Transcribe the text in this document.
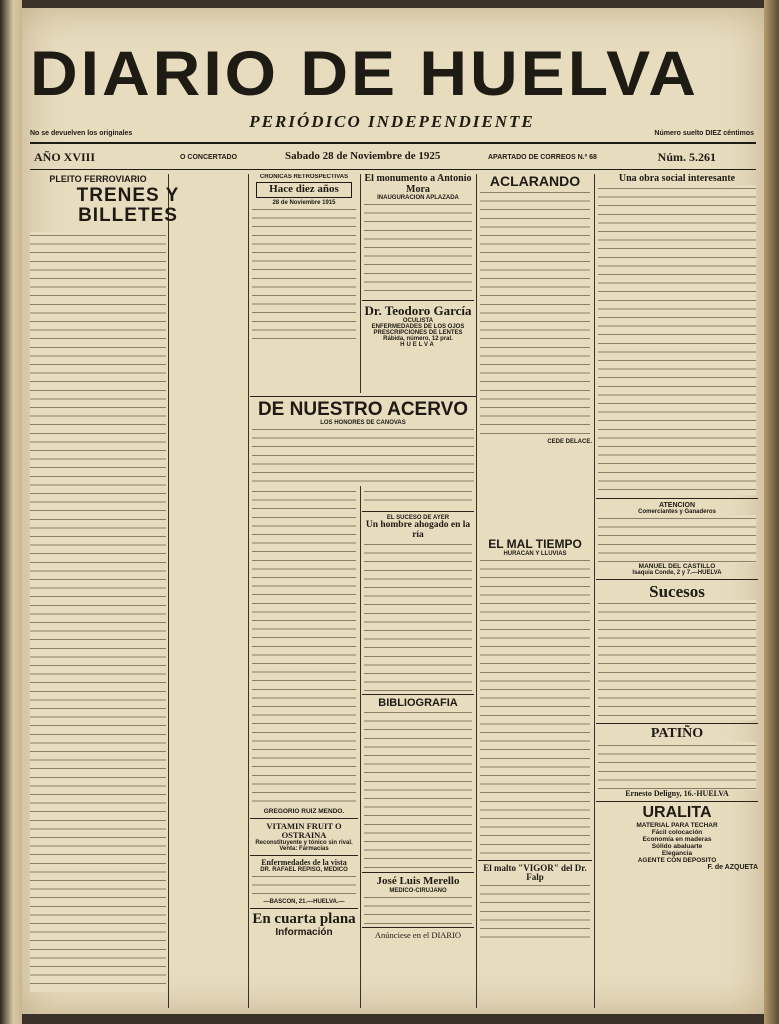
DIARIO DE HUELVA
No se devuelven los originales
PERIÓDICO INDEPENDIENTE
Número suelto DIEZ céntimos
AÑO XVIII	O CONCERTADO	Sabado 28 de Noviembre de 1925	APARTADO DE CORREOS N.º 68	Núm. 5.261
PLEITO FERROVIARIO
TRENES Y BILLETES
CRONICAS RETROSPECTIVAS
Hace diez años
28 de Noviembre 1915
El monumento a Antonio Mora
INAUGURACION APLAZADA
Dr. Teodoro García
OCULISTA
ENFERMEDADES DE LOS OJOS
PRESCRIPCIONES DE LENTES
Rábida, número, 12 pral.
HUELVA
ACLARANDO
CEDE DELACE.
Una obra social interesante
ATENCION
Comerciantes y Ganaderos
MANUEL DEL CASTILLO
Isaquia Conde, 2 y 7.—HUELVA
Sucesos
PATIÑO
Ernesto Deligny, 16.-HUELVA
URALITA
MATERIAL PARA TECHAR
Fácil colocación
Economía en maderas
Sólido abaluarte
Elegancia
AGENTE CON DEPOSITO
F. de AZQUETA
DE NUESTRO ACERVO
LOS HONORES DE CANOVAS
GREGORIO RUIZ MENDO.
VITAMIN FRUIT O OSTRAINA
Reconstituyente y tónico sin rival. Venta: Farmacias
Enfermedades de la vista
DR. RAFAEL REPISO, MEDICO
—BASCON, 21.—HUELVA.—
En cuarta plana
Información
EL SUCESO DE AYER
Un hombre ahogado en la ría
BIBLIOGRAFIA
José Luis Merello
MEDICO-CIRUJANO
Anúnciese en el DIARIO
EL MAL TIEMPO
HURACAN Y LLUVIAS
El malto "VIGOR" del Dr. Falp
